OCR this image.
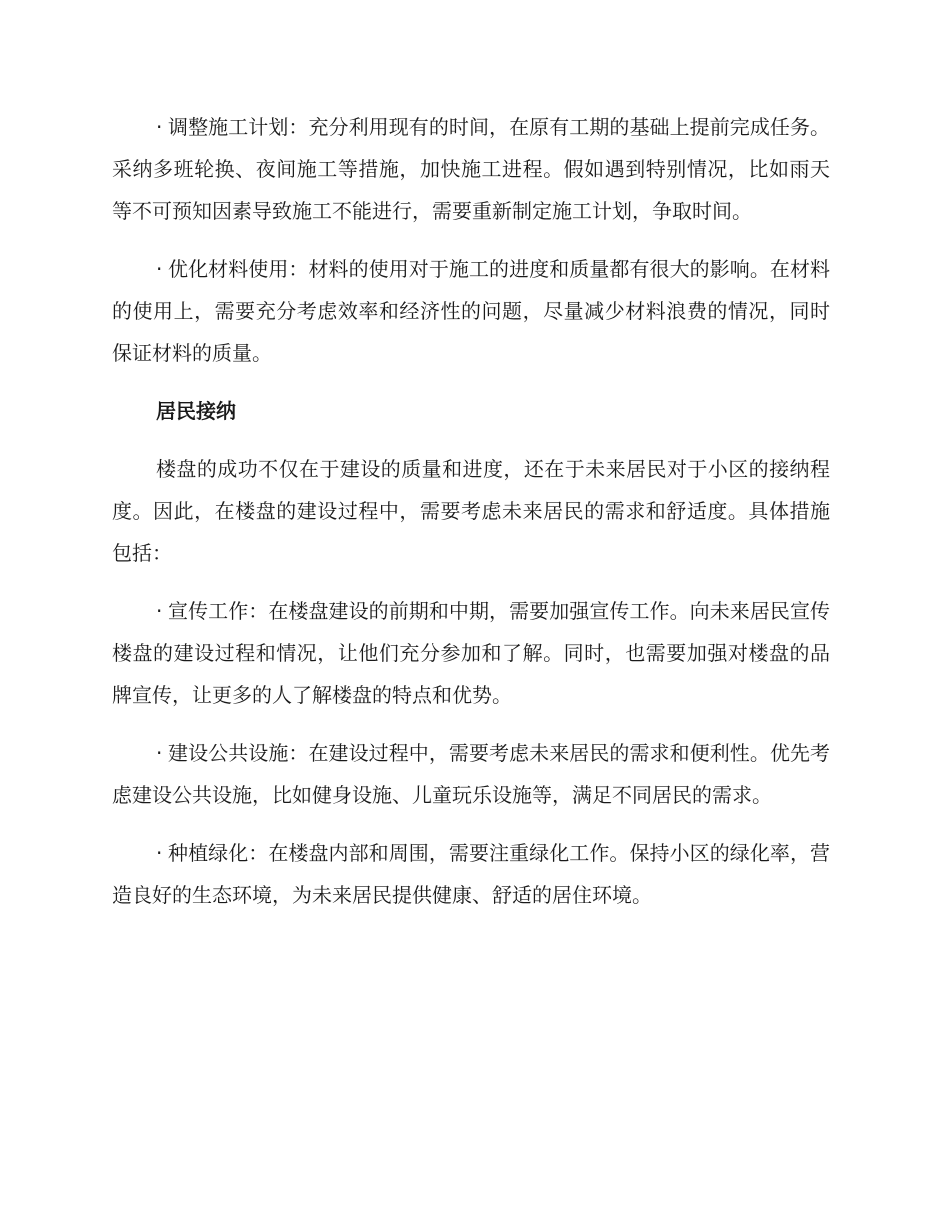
· 调整施工计划：充分利用现有的时间，在原有工期的基础上提前完成任务。采纳多班轮换、夜间施工等措施，加快施工进程。假如遇到特别情况，比如雨天等不可预知因素导致施工不能进行，需要重新制定施工计划，争取时间。

· 优化材料使用：材料的使用对于施工的进度和质量都有很大的影响。在材料的使用上，需要充分考虑效率和经济性的问题，尽量减少材料浪费的情况，同时保证材料的质量。

居民接纳

楼盘的成功不仅在于建设的质量和进度，还在于未来居民对于小区的接纳程度。因此，在楼盘的建设过程中，需要考虑未来居民的需求和舒适度。具体措施包括：

· 宣传工作：在楼盘建设的前期和中期，需要加强宣传工作。向未来居民宣传楼盘的建设过程和情况，让他们充分参加和了解。同时，也需要加强对楼盘的品牌宣传，让更多的人了解楼盘的特点和优势。

· 建设公共设施：在建设过程中，需要考虑未来居民的需求和便利性。优先考虑建设公共设施，比如健身设施、儿童玩乐设施等，满足不同居民的需求。

· 种植绿化：在楼盘内部和周围，需要注重绿化工作。保持小区的绿化率，营造良好的生态环境，为未来居民提供健康、舒适的居住环境。
